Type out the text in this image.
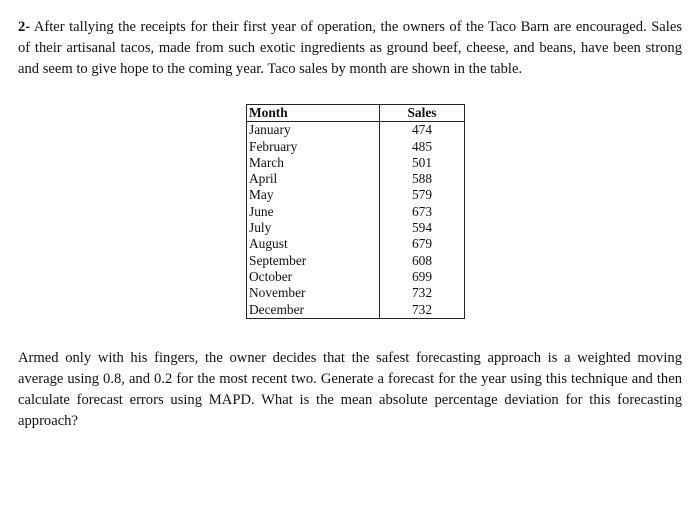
2- After tallying the receipts for their first year of operation, the owners of the Taco Barn are encouraged. Sales of their artisanal tacos, made from such exotic ingredients as ground beef, cheese, and beans, have been strong and seem to give hope to the coming year. Taco sales by month are shown in the table.

Month	Sales
January	474
February	485
March	501
April	588
May	579
June	673
July	594
August	679
September	608
October	699
November	732
December	732

Armed only with his fingers, the owner decides that the safest forecasting approach is a weighted moving average using 0.8, and 0.2 for the most recent two. Generate a forecast for the year using this technique and then calculate forecast errors using MAPD. What is the mean absolute percentage deviation for this forecasting approach?
